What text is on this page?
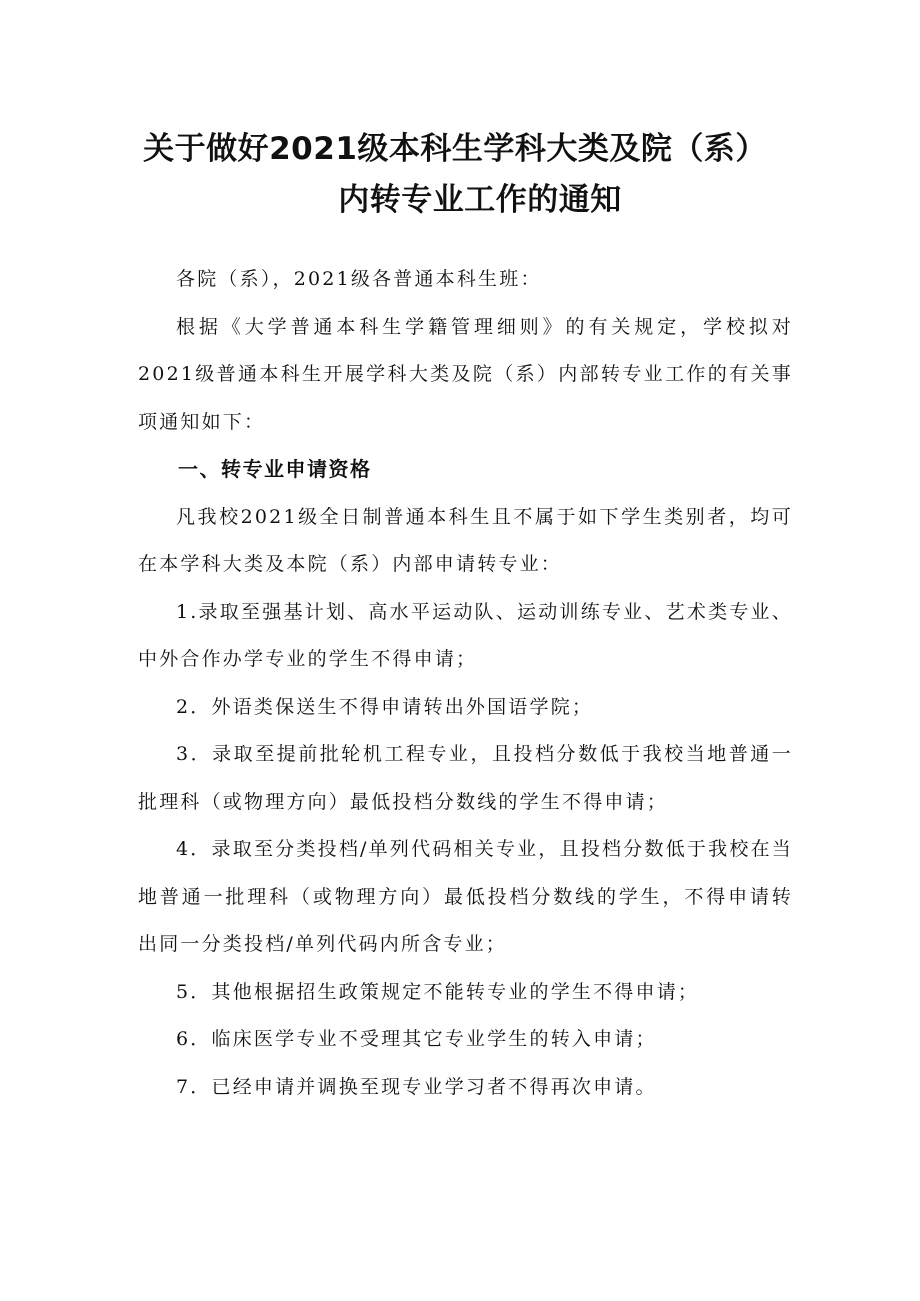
关于做好2021级本科生学科大类及院（系）
内转专业工作的通知

各院（系），2021级各普通本科生班：

根据《大学普通本科生学籍管理细则》的有关规定，学校拟对2021级普通本科生开展学科大类及院（系）内部转专业工作的有关事项通知如下：

一、转专业申请资格

凡我校2021级全日制普通本科生且不属于如下学生类别者，均可在本学科大类及本院（系）内部申请转专业：

1.录取至强基计划、高水平运动队、运动训练专业、艺术类专业、中外合作办学专业的学生不得申请；

2．外语类保送生不得申请转出外国语学院；

3．录取至提前批轮机工程专业，且投档分数低于我校当地普通一批理科（或物理方向）最低投档分数线的学生不得申请；

4．录取至分类投档/单列代码相关专业，且投档分数低于我校在当地普通一批理科（或物理方向）最低投档分数线的学生，不得申请转出同一分类投档/单列代码内所含专业；

5．其他根据招生政策规定不能转专业的学生不得申请；

6．临床医学专业不受理其它专业学生的转入申请；

7．已经申请并调换至现专业学习者不得再次申请。
